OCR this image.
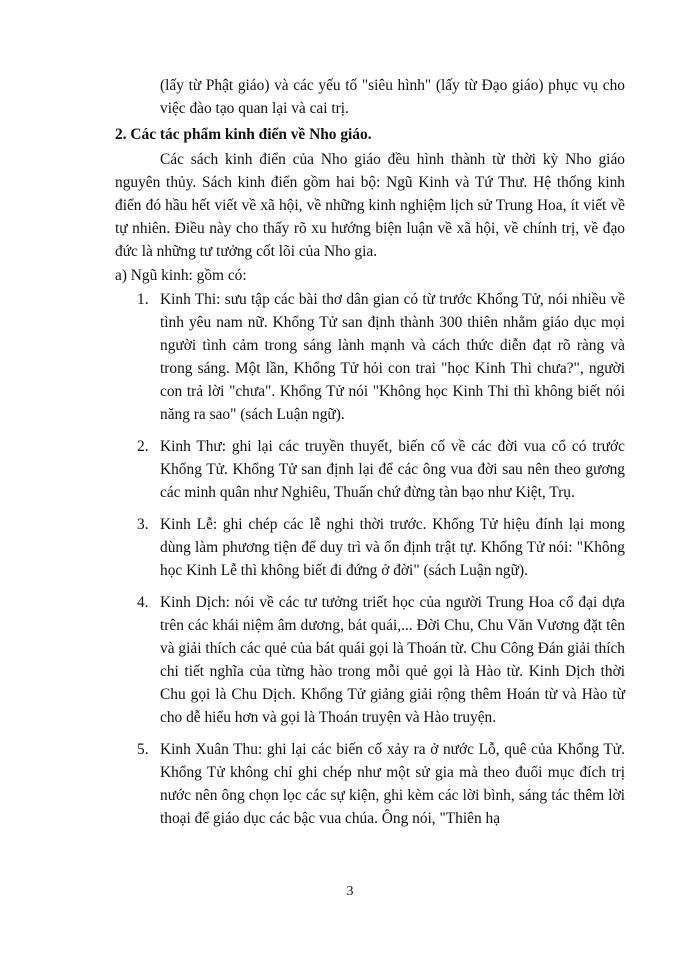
(lấy từ Phật giáo) và các yếu tố "siêu hình" (lấy từ Đạo giáo) phục vụ cho việc đào tạo quan lại và cai trị.

2. Các tác phẩm kinh điển về Nho giáo.

Các sách kinh điển của Nho giáo đều hình thành từ thời kỳ Nho giáo nguyên thủy. Sách kinh điển gồm hai bộ: Ngũ Kinh và Tứ Thư. Hệ thống kinh điển đó hầu hết viết về xã hội, về những kinh nghiệm lịch sử Trung Hoa, ít viết về tự nhiên. Điều này cho thấy rõ xu hướng biện luận về xã hội, về chính trị, về đạo đức là những tư tưởng cốt lõi của Nho gia.

a) Ngũ kinh: gồm có:

1. Kinh Thi: sưu tập các bài thơ dân gian có từ trước Khổng Tử, nói nhiều về tình yêu nam nữ. Khổng Tử san định thành 300 thiên nhằm giáo dục mọi người tình cảm trong sáng lành mạnh và cách thức diễn đạt rõ ràng và trong sáng. Một lần, Khổng Tử hỏi con trai "học Kinh Thi chưa?", người con trả lời "chưa". Khổng Tử nói "Không học Kinh Thi thì không biết nói năng ra sao" (sách Luận ngữ).

2. Kinh Thư: ghi lại các truyền thuyết, biến cố về các đời vua cổ có trước Khổng Tử. Khổng Tử san định lại để các ông vua đời sau nên theo gương các minh quân như Nghiêu, Thuấn chứ đừng tàn bạo như Kiệt, Trụ.

3. Kinh Lễ: ghi chép các lễ nghi thời trước. Khổng Tử hiệu đính lại mong dùng làm phương tiện để duy trì và ổn định trật tự. Khổng Tử nói: "Không học Kinh Lễ thì không biết đi đứng ở đời" (sách Luận ngữ).

4. Kinh Dịch: nói về các tư tưởng triết học của người Trung Hoa cổ đại dựa trên các khái niệm âm dương, bát quái,... Đời Chu, Chu Văn Vương đặt tên và giải thích các quẻ của bát quái gọi là Thoán từ. Chu Công Đán giải thích chi tiết nghĩa của từng hào trong mỗi quẻ gọi là Hào từ. Kinh Dịch thời Chu gọi là Chu Dịch. Khổng Tử giảng giải rộng thêm Hoán từ và Hào từ cho dễ hiểu hơn và gọi là Thoán truyện và Hào truyện.

5. Kinh Xuân Thu: ghi lại các biến cố xảy ra ở nước Lỗ, quê của Khổng Tử. Khổng Tử không chỉ ghi chép như một sử gia mà theo đuổi mục đích trị nước nên ông chọn lọc các sự kiện, ghi kèm các lời bình, sáng tác thêm lời thoại để giáo dục các bậc vua chúa. Ông nói, "Thiên hạ

3
